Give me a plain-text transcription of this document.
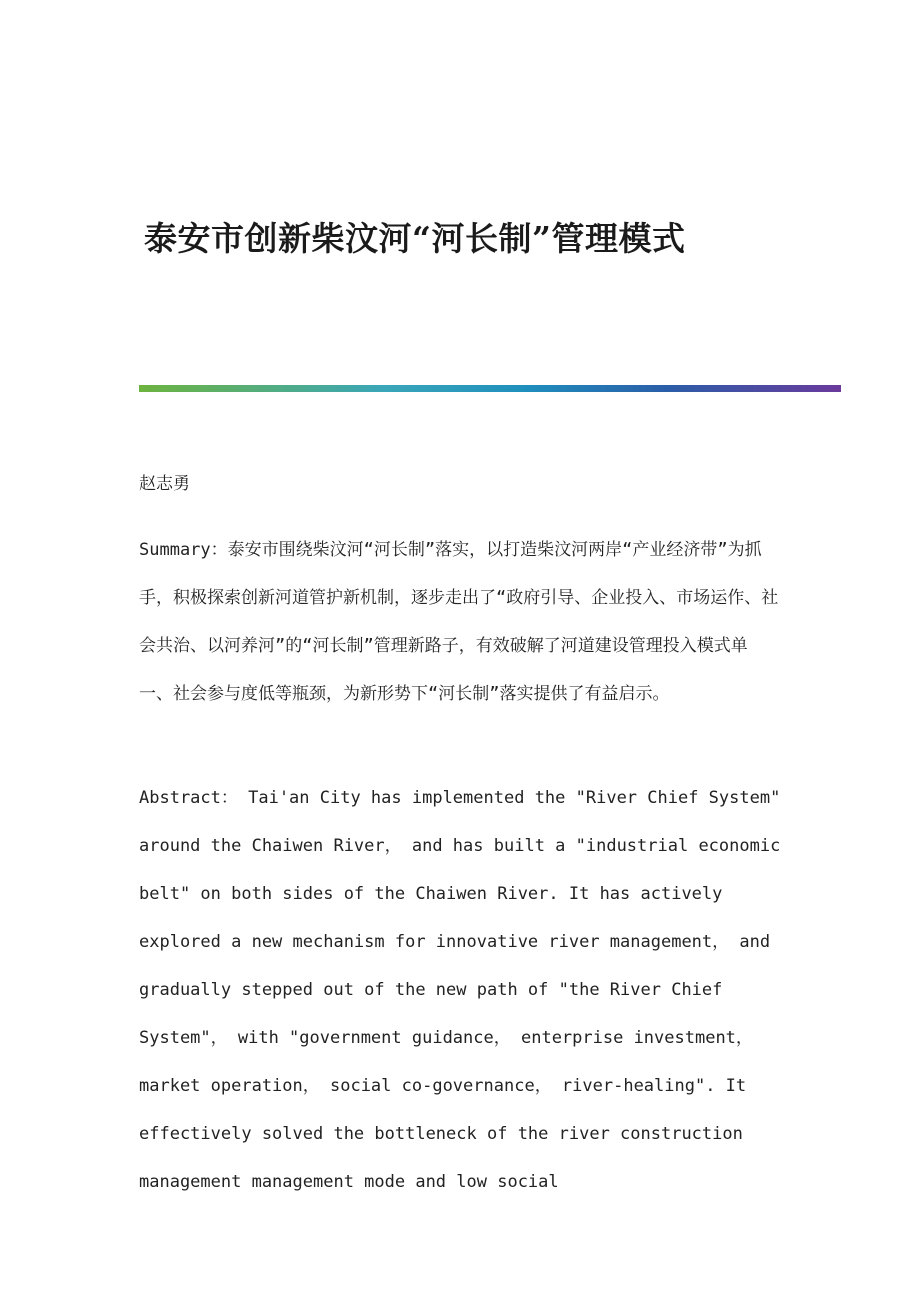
泰安市创新柴汶河“河长制”管理模式
赵志勇

Summary：泰安市围绕柴汶河“河长制”落实，以打造柴汶河两岸“产业经济带”为抓手，积极探索创新河道管护新机制，逐步走出了“政府引导、企业投入、市场运作、社会共治、以河养河”的“河长制”管理新路子，有效破解了河道建设管理投入模式单一、社会参与度低等瓶颈，为新形势下“河长制”落实提供了有益启示。

Abstract： Tai'an City has implemented the "River Chief System" around the Chaiwen River， and has built a "industrial economic belt" on both sides of the Chaiwen River. It has actively explored a new mechanism for innovative river management， and gradually stepped out of the new path of "the River Chief System"， with "government guidance， enterprise investment， market operation， social co-governance， river-healing". It effectively solved the bottleneck of the river construction management management mode and low social
